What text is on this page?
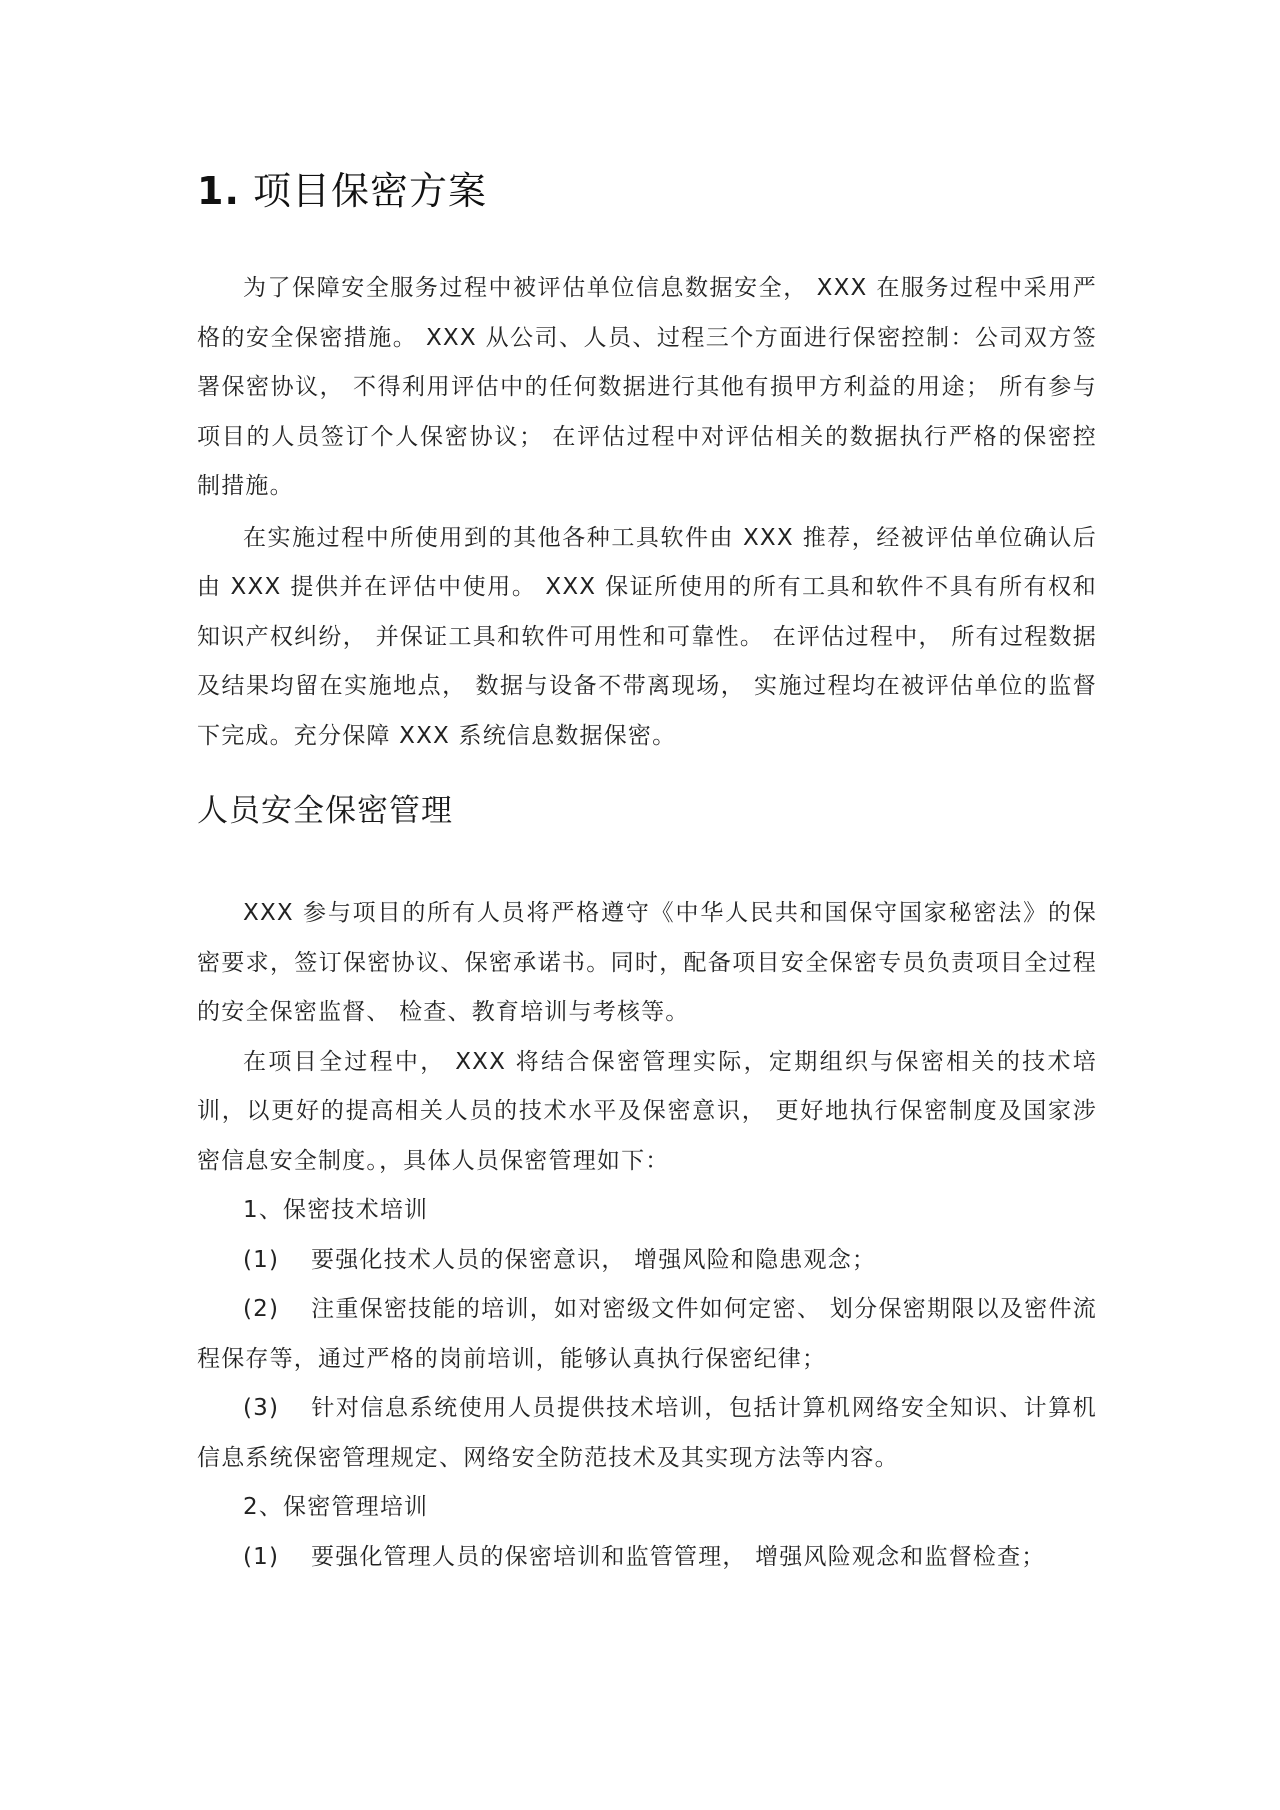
1. 项目保密方案

为了保障安全服务过程中被评估单位信息数据安全， XXX 在服务过程中采用严格的安全保密措施。 XXX 从公司、人员、过程三个方面进行保密控制：公司双方签署保密协议， 不得利用评估中的任何数据进行其他有损甲方利益的用途； 所有参与项目的人员签订个人保密协议； 在评估过程中对评估相关的数据执行严格的保密控制措施。

在实施过程中所使用到的其他各种工具软件由 XXX 推荐，经被评估单位确认后由 XXX 提供并在评估中使用。 XXX 保证所使用的所有工具和软件不具有所有权和知识产权纠纷， 并保证工具和软件可用性和可靠性。 在评估过程中， 所有过程数据及结果均留在实施地点， 数据与设备不带离现场， 实施过程均在被评估单位的监督下完成。充分保障 XXX 系统信息数据保密。

人员安全保密管理

XXX 参与项目的所有人员将严格遵守《中华人民共和国保守国家秘密法》的保密要求，签订保密协议、保密承诺书。同时，配备项目安全保密专员负责项目全过程的安全保密监督、 检查、教育培训与考核等。

在项目全过程中， XXX 将结合保密管理实际，定期组织与保密相关的技术培训，以更好的提高相关人员的技术水平及保密意识， 更好地执行保密制度及国家涉密信息安全制度。，具体人员保密管理如下：

1、保密技术培训

(1) 要强化技术人员的保密意识， 增强风险和隐患观念；

(2) 注重保密技能的培训，如对密级文件如何定密、 划分保密期限以及密件流程保存等，通过严格的岗前培训，能够认真执行保密纪律；

(3) 针对信息系统使用人员提供技术培训，包括计算机网络安全知识、计算机信息系统保密管理规定、网络安全防范技术及其实现方法等内容。

2、保密管理培训

(1) 要强化管理人员的保密培训和监管管理， 增强风险观念和监督检查；
